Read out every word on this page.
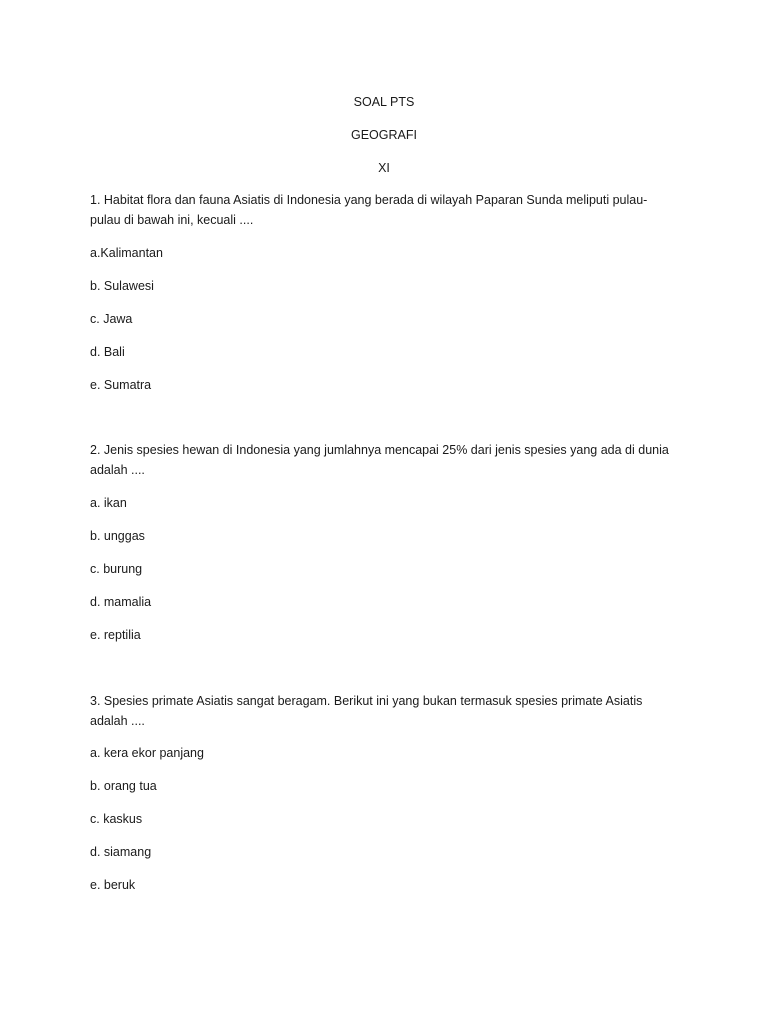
SOAL PTS
GEOGRAFI
XI
1. Habitat flora dan fauna Asiatis di Indonesia yang berada di wilayah Paparan Sunda meliputi pulau-
pulau di bawah ini, kecuali ....
a.Kalimantan
b. Sulawesi
c. Jawa
d. Bali
e. Sumatra
2. Jenis spesies hewan di Indonesia yang jumlahnya mencapai 25% dari jenis spesies yang ada di dunia
adalah ....
a. ikan
b. unggas
c. burung
d. mamalia
e. reptilia
3. Spesies primate Asiatis sangat beragam. Berikut ini yang bukan termasuk spesies primate Asiatis
adalah ....
a. kera ekor panjang
b. orang tua
c. kaskus
d. siamang
e. beruk
